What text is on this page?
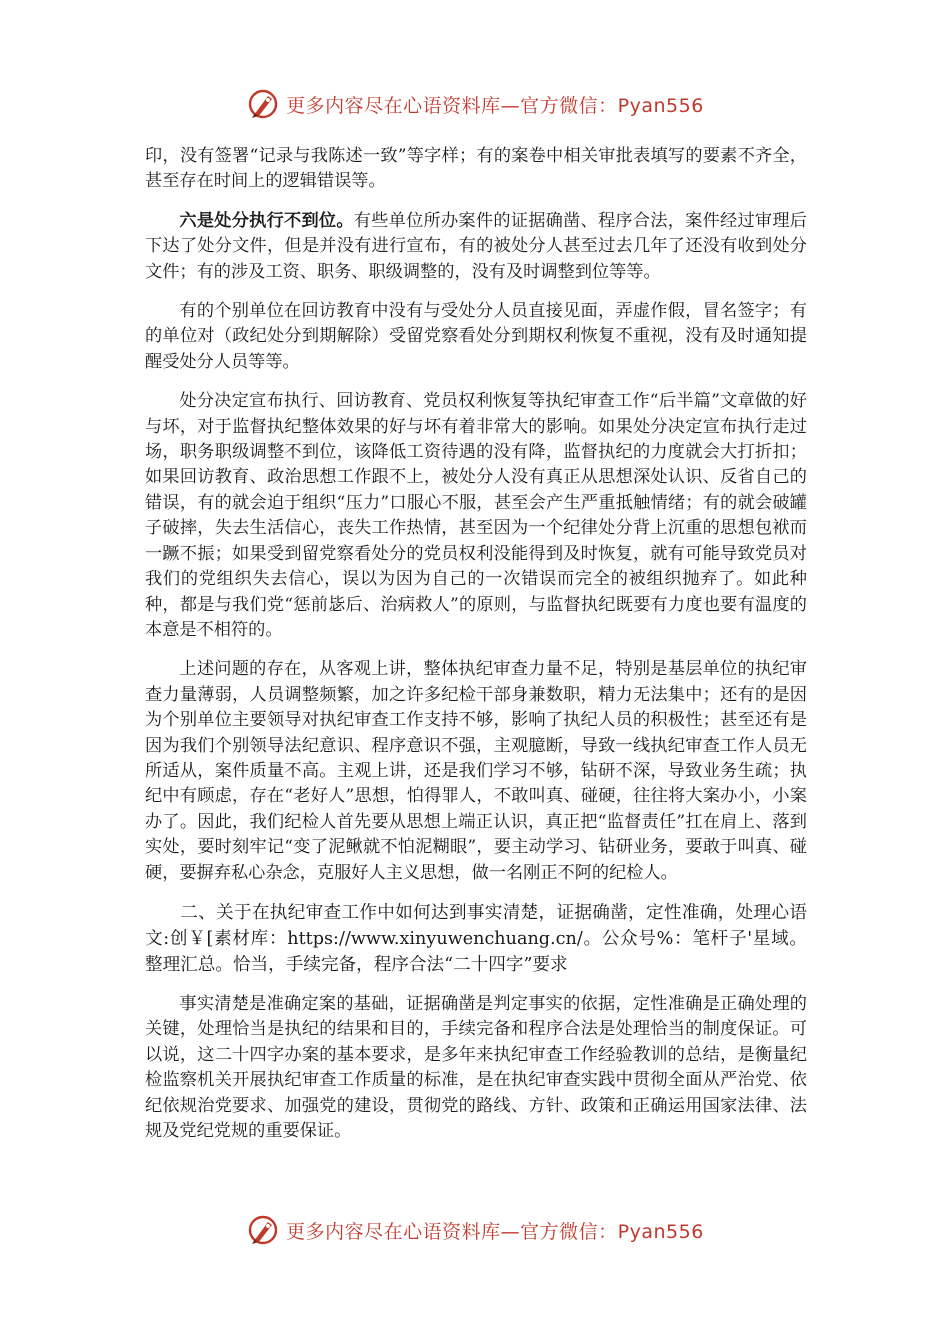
更多内容尽在心语资料库—官方微信：Pyan556

印，没有签署“记录与我陈述一致”等字样；有的案卷中相关审批表填写的要素不齐全，甚至存在时间上的逻辑错误等。

六是处分执行不到位。有些单位所办案件的证据确凿、程序合法，案件经过审理后下达了处分文件，但是并没有进行宣布，有的被处分人甚至过去几年了还没有收到处分文件；有的涉及工资、职务、职级调整的，没有及时调整到位等等。

有的个别单位在回访教育中没有与受处分人员直接见面，弄虚作假，冒名签字；有的单位对（政纪处分到期解除）受留党察看处分到期权利恢复不重视，没有及时通知提醒受处分人员等等。

处分决定宣布执行、回访教育、党员权利恢复等执纪审查工作“后半篇”文章做的好与坏，对于监督执纪整体效果的好与坏有着非常大的影响。如果处分决定宣布执行走过场，职务职级调整不到位，该降低工资待遇的没有降，监督执纪的力度就会大打折扣；如果回访教育、政治思想工作跟不上，被处分人没有真正从思想深处认识、反省自己的错误，有的就会迫于组织“压力”口服心不服，甚至会产生严重抵触情绪；有的就会破罐子破摔，失去生活信心，丧失工作热情，甚至因为一个纪律处分背上沉重的思想包袱而一蹶不振；如果受到留党察看处分的党员权利没能得到及时恢复，就有可能导致党员对我们的党组织失去信心，误以为因为自己的一次错误而完全的被组织抛弃了。如此种种，都是与我们党“惩前毖后、治病救人”的原则，与监督执纪既要有力度也要有温度的本意是不相符的。

上述问题的存在，从客观上讲，整体执纪审查力量不足，特别是基层单位的执纪审查力量薄弱，人员调整频繁，加之许多纪检干部身兼数职，精力无法集中；还有的是因为个别单位主要领导对执纪审查工作支持不够，影响了执纪人员的积极性；甚至还有是因为我们个别领导法纪意识、程序意识不强，主观臆断，导致一线执纪审查工作人员无所适从，案件质量不高。主观上讲，还是我们学习不够，钻研不深，导致业务生疏；执纪中有顾虑，存在“老好人”思想，怕得罪人，不敢叫真、碰硬，往往将大案办小，小案办了。因此，我们纪检人首先要从思想上端正认识，真正把“监督责任”扛在肩上、落到实处，要时刻牢记“变了泥鳅就不怕泥糊眼”，要主动学习、钻研业务，要敢于叫真、碰硬，要摒弃私心杂念，克服好人主义思想，做一名刚正不阿的纪检人。

二、关于在执纪审查工作中如何达到事实清楚，证据确凿，定性准确，处理心语文:创￥[素材库：https://www.xinyuwenchuang.cn/。公众号%：笔杆子'星域。整理汇总。恰当，手续完备，程序合法“二十四字”要求

事实清楚是准确定案的基础，证据确凿是判定事实的依据，定性准确是正确处理的关键，处理恰当是执纪的结果和目的，手续完备和程序合法是处理恰当的制度保证。可以说，这二十四字办案的基本要求，是多年来执纪审查工作经验教训的总结，是衡量纪检监察机关开展执纪审查工作质量的标准，是在执纪审查实践中贯彻全面从严治党、依纪依规治党要求、加强党的建设，贯彻党的路线、方针、政策和正确运用国家法律、法规及党纪党规的重要保证。

更多内容尽在心语资料库—官方微信：Pyan556
